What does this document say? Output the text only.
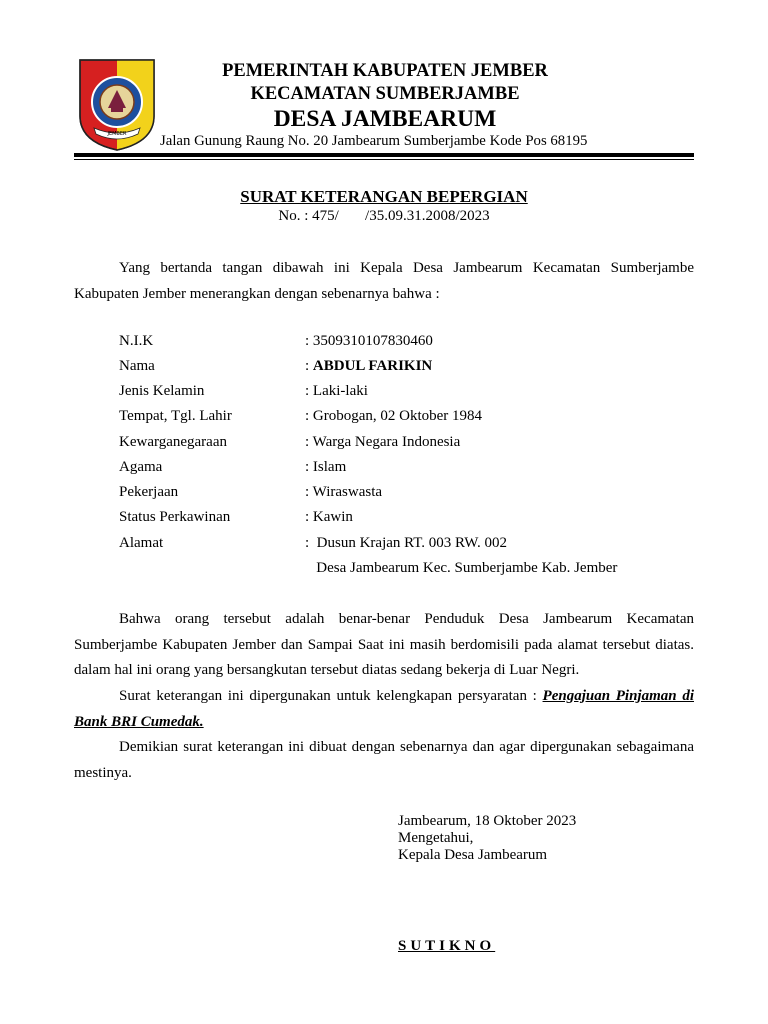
JEMBER
PEMERINTAH KABUPATEN JEMBER
KECAMATAN SUMBERJAMBE
DESA JAMBEARUM
Jalan Gunung Raung No. 20 Jambearum Sumberjambe Kode Pos 68195
SURAT KETERANGAN BEPERGIAN
No. : 475/       /35.09.31.2008/2023
Yang bertanda tangan dibawah ini Kepala Desa Jambearum Kecamatan Sumberjambe Kabupaten Jember menerangkan dengan sebenarnya bahwa :
N.I.K	: 3509310107830460
Nama	: ABDUL FARIKIN
Jenis Kelamin	: Laki-laki
Tempat, Tgl. Lahir	: Grobogan, 02 Oktober 1984
Kewarganegaraan	: Warga Negara Indonesia
Agama	: Islam
Pekerjaan	: Wiraswasta
Status Perkawinan	: Kawin
Alamat	:  Dusun Krajan RT. 003 RW. 002
Desa Jambearum Kec. Sumberjambe Kab. Jember
Bahwa orang tersebut adalah benar-benar Penduduk Desa Jambearum Kecamatan Sumberjambe Kabupaten Jember dan Sampai Saat ini masih berdomisili pada alamat tersebut diatas. dalam hal ini orang yang bersangkutan tersebut diatas sedang bekerja di Luar Negri.
Surat keterangan ini dipergunakan untuk kelengkapan persyaratan : Pengajuan Pinjaman di Bank BRI Cumedak.
Demikian surat keterangan ini dibuat dengan sebenarnya dan agar dipergunakan sebagaimana mestinya.
Jambearum, 18 Oktober 2023
Mengetahui,
Kepala Desa Jambearum
SUTIKNO
